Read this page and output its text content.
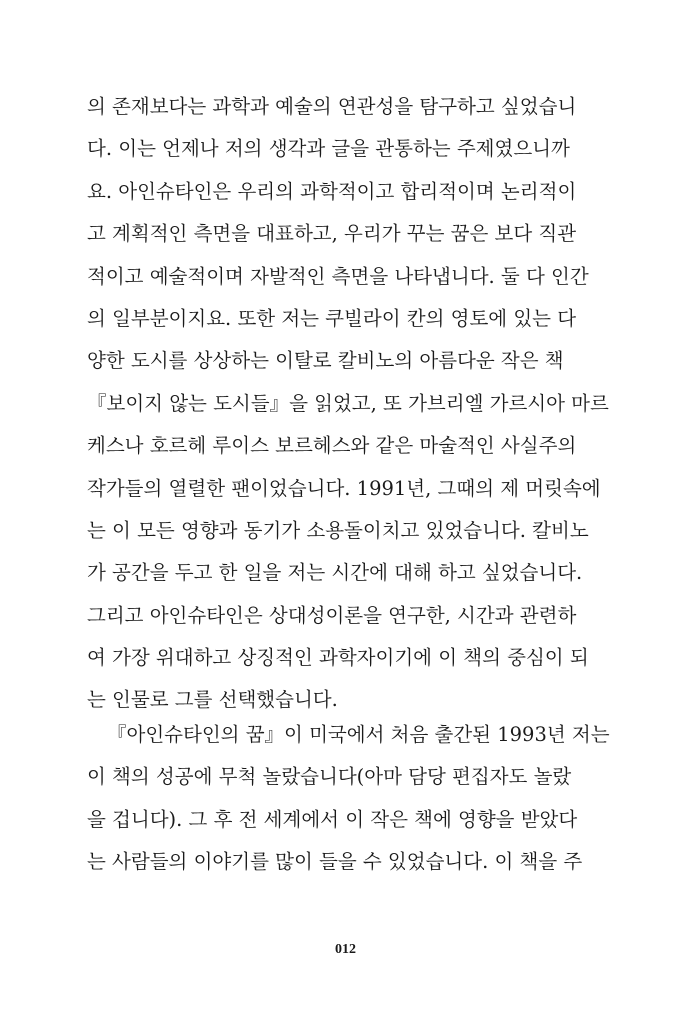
의 존재보다는 과학과 예술의 연관성을 탐구하고 싶었습니
다. 이는 언제나 저의 생각과 글을 관통하는 주제였으니까
요. 아인슈타인은 우리의 과학적이고 합리적이며 논리적이
고 계획적인 측면을 대표하고, 우리가 꾸는 꿈은 보다 직관
적이고 예술적이며 자발적인 측면을 나타냅니다. 둘 다 인간
의 일부분이지요. 또한 저는 쿠빌라이 칸의 영토에 있는 다
양한 도시를 상상하는 이탈로 칼비노의 아름다운 작은 책
『보이지 않는 도시들』을 읽었고, 또 가브리엘 가르시아 마르
케스나 호르헤 루이스 보르헤스와 같은 마술적인 사실주의
작가들의 열렬한 팬이었습니다. 1991년, 그때의 제 머릿속에
는 이 모든 영향과 동기가 소용돌이치고 있었습니다. 칼비노
가 공간을 두고 한 일을 저는 시간에 대해 하고 싶었습니다.
그리고 아인슈타인은 상대성이론을 연구한, 시간과 관련하
여 가장 위대하고 상징적인 과학자이기에 이 책의 중심이 되
는 인물로 그를 선택했습니다.
『아인슈타인의 꿈』이 미국에서 처음 출간된 1993년 저는
이 책의 성공에 무척 놀랐습니다(아마 담당 편집자도 놀랐
을 겁니다). 그 후 전 세계에서 이 작은 책에 영향을 받았다
는 사람들의 이야기를 많이 들을 수 있었습니다. 이 책을 주
012
